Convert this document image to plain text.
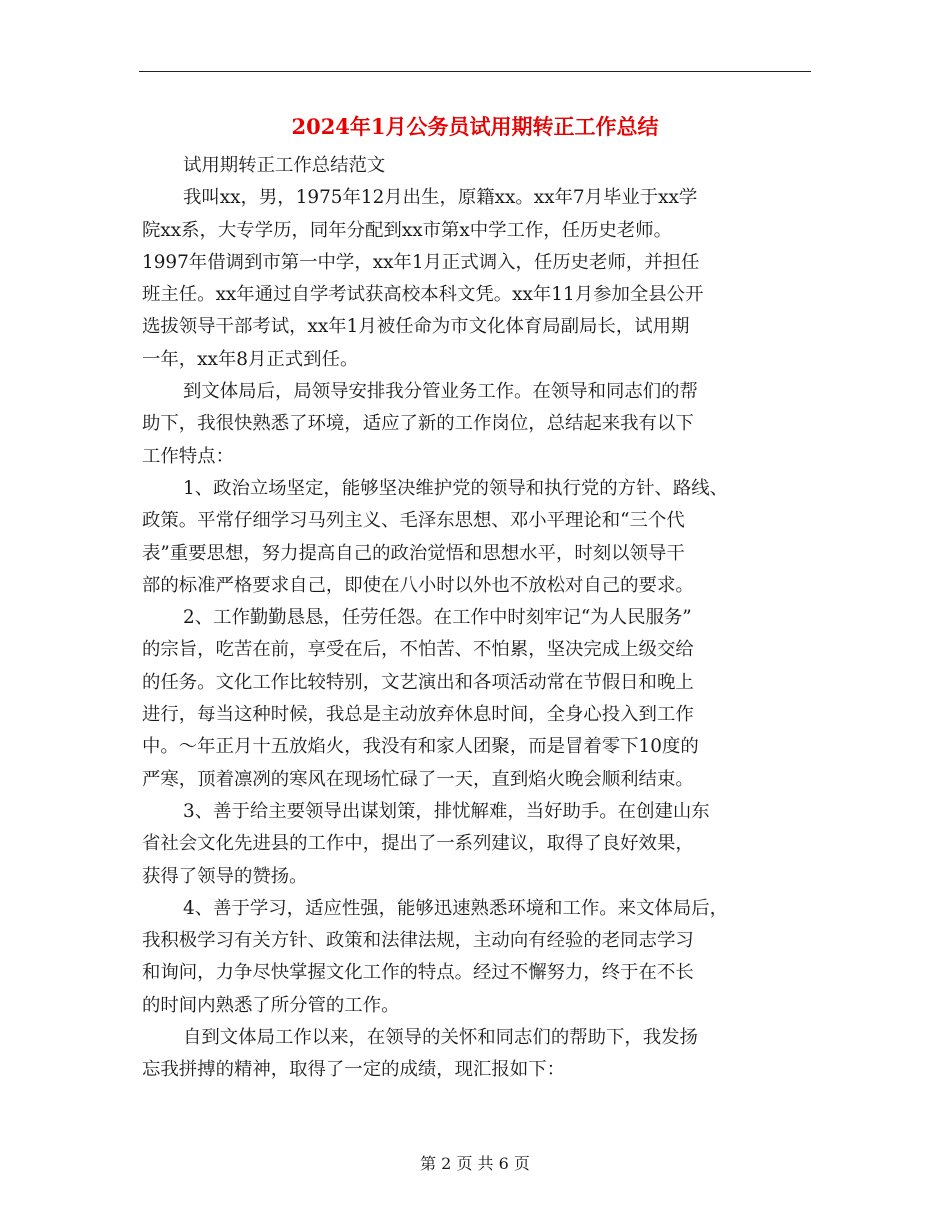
2024年1月公务员试用期转正工作总结

试用期转正工作总结范文

我叫xx，男，1975年12月出生，原籍xx。xx年7月毕业于xx学

院xx系，大专学历，同年分配到xx市第x中学工作，任历史老师。

1997年借调到市第一中学，xx年1月正式调入，任历史老师，并担任

班主任。xx年通过自学考试获高校本科文凭。xx年11月参加全县公开

选拔领导干部考试，xx年1月被任命为市文化体育局副局长，试用期

一年，xx年8月正式到任。

到文体局后，局领导安排我分管业务工作。在领导和同志们的帮

助下，我很快熟悉了环境，适应了新的工作岗位，总结起来我有以下

工作特点：

1、政治立场坚定，能够坚决维护党的领导和执行党的方针、路线、

政策。平常仔细学习马列主义、毛泽东思想、邓小平理论和“三个代

表”重要思想，努力提高自己的政治觉悟和思想水平，时刻以领导干

部的标准严格要求自己，即使在八小时以外也不放松对自己的要求。

2、工作勤勤恳恳，任劳任怨。在工作中时刻牢记“为人民服务”

的宗旨，吃苦在前，享受在后，不怕苦、不怕累，坚决完成上级交给

的任务。文化工作比较特别，文艺演出和各项活动常在节假日和晚上

进行，每当这种时候，我总是主动放弃休息时间，全身心投入到工作

中。～年正月十五放焰火，我没有和家人团聚，而是冒着零下10度的

严寒，顶着凛冽的寒风在现场忙碌了一天，直到焰火晚会顺利结束。

3、善于给主要领导出谋划策，排忧解难，当好助手。在创建山东

省社会文化先进县的工作中，提出了一系列建议，取得了良好效果，

获得了领导的赞扬。

4、善于学习，适应性强，能够迅速熟悉环境和工作。来文体局后，

我积极学习有关方针、政策和法律法规，主动向有经验的老同志学习

和询问，力争尽快掌握文化工作的特点。经过不懈努力，终于在不长

的时间内熟悉了所分管的工作。

自到文体局工作以来，在领导的关怀和同志们的帮助下，我发扬

忘我拼搏的精神，取得了一定的成绩，现汇报如下：

第 2 页 共 6 页
